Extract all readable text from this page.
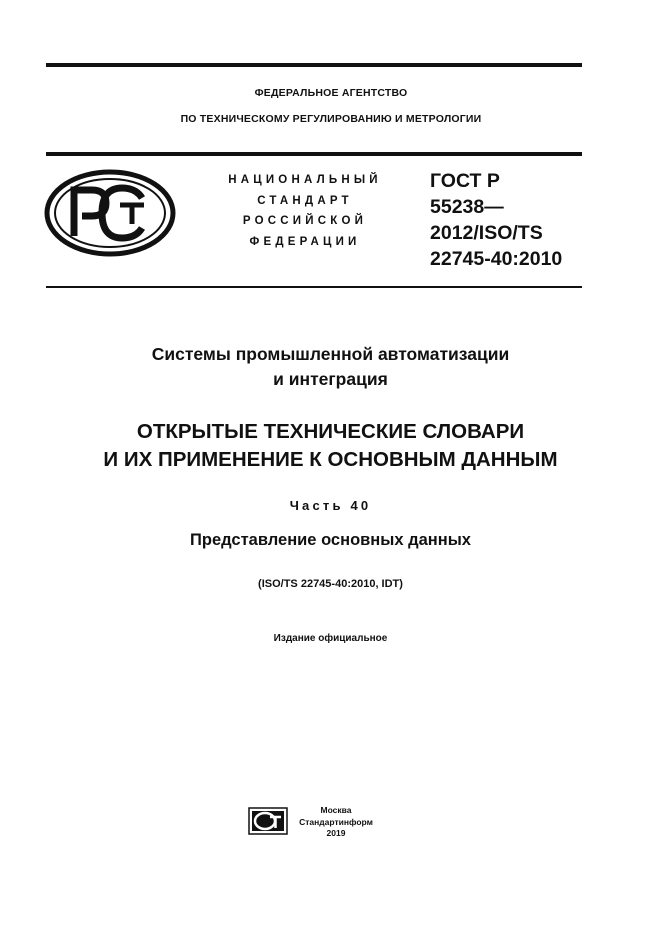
ФЕДЕРАЛЬНОЕ АГЕНТСТВО
ПО ТЕХНИЧЕСКОМУ РЕГУЛИРОВАНИЮ И МЕТРОЛОГИИ
НАЦИОНАЛЬНЫЙ
СТАНДАРТ
РОССИЙСКОЙ
ФЕДЕРАЦИИ
ГОСТ Р
55238—
2012/ISO/TS
22745-40:2010
Системы промышленной автоматизации
и интеграция
ОТКРЫТЫЕ ТЕХНИЧЕСКИЕ СЛОВАРИ
И ИХ ПРИМЕНЕНИЕ К ОСНОВНЫМ ДАННЫМ
Часть 40
Представление основных данных
(ISO/TS 22745-40:2010, IDT)
Издание официальное
Москва
Стандартинформ
2019
